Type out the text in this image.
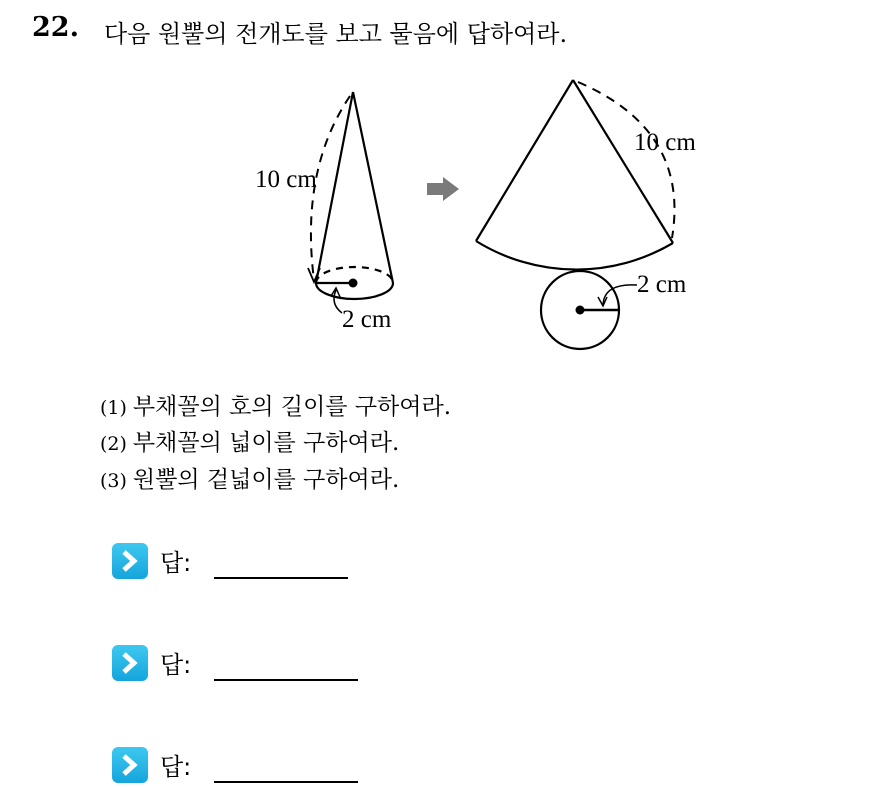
22. 다음 원뿔의 전개도를 보고 물음에 답하여라.
10 cm
2 cm
10 cm
2 cm
(1) 부채꼴의 호의 길이를 구하여라.
(2) 부채꼴의 넓이를 구하여라.
(3) 원뿔의 겉넓이를 구하여라.
답:
답:
답:
